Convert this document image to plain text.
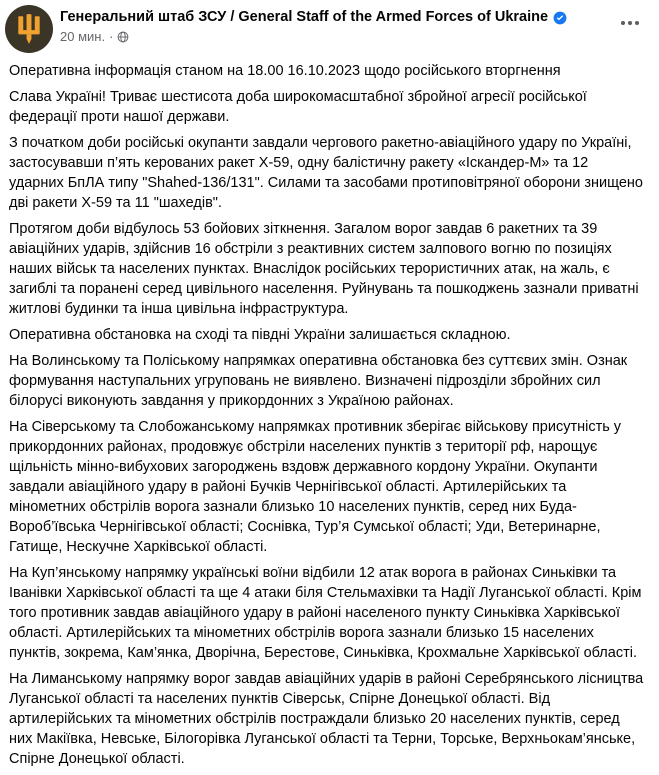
Генеральний штаб ЗСУ / General Staff of the Armed Forces of Ukraine
20 мин. ·

Оперативна інформація станом на 18.00 16.10.2023 щодо російського вторгнення

Слава Україні! Триває шестисота доба широкомасштабної збройної агресії російської федерації проти нашої держави.

З початком доби російські окупанти завдали чергового ракетно-авіаційного удару по Україні, застосувавши п’ять керованих ракет Х-59, одну балістичну ракету «Іскандер-М» та 12 ударних БпЛА типу "Shahed-136/131". Силами та засобами протиповітряної оборони знищено дві ракети Х-59 та 11 "шахедів".

Протягом доби відбулось 53 бойових зіткнення. Загалом ворог завдав 6 ракетних та 39 авіаційних ударів, здійснив 16 обстріли з реактивних систем залпового вогню по позиціях наших військ та населених пунктах. Внаслідок російських терористичних атак, на жаль, є загиблі та поранені серед цивільного населення. Руйнувань та пошкоджень зазнали приватні житлові будинки та інша цивільна інфраструктура.

Оперативна обстановка на сході та півдні України залишається складною.

На Волинському та Поліському напрямках оперативна обстановка без суттєвих змін. Ознак формування наступальних угруповань не виявлено. Визначені підрозділи збройних сил білорусі виконують завдання у прикордонних з Україною районах.

На Сіверському та Слобожанському напрямках противник зберігає військову присутність у прикордонних районах, продовжує обстріли населених пунктів з території рф, нарощує щільність мінно-вибухових загороджень вздовж державного кордону України. Окупанти завдали авіаційного удару в районі Бучків Чернігівської області. Артилерійських та мінометних обстрілів ворога зазнали близько 10 населених пунктів, серед них Буда-Вороб’ївська Чернігівської області; Соснівка, Тур’я Сумської області; Уди, Ветеринарне, Гатище, Нескучне Харківської області.

На Куп’янському напрямку українські воїни відбили 12 атак ворога в районах Синьківки та Іванівки Харківської області та ще 4 атаки біля Стельмахівки та Надії Луганської області. Крім того противник завдав авіаційного удару в районі населеного пункту Синьківка Харківської області. Артилерійських та мінометних обстрілів ворога зазнали близько 15 населених пунктів, зокрема, Кам’янка, Дворічна, Берестове, Синьківка, Крохмальне Харківської області.

На Лиманському напрямку ворог завдав авіаційних ударів в районі Серебрянського лісництва Луганської області та населених пунктів Сіверськ, Спірне Донецької області. Від артилерійських та мінометних обстрілів постраждали близько 20 населених пунктів, серед них Макіївка, Невське, Білогорівка Луганської області та Терни, Торське, Верхньокам’янське, Спірне Донецької області.
